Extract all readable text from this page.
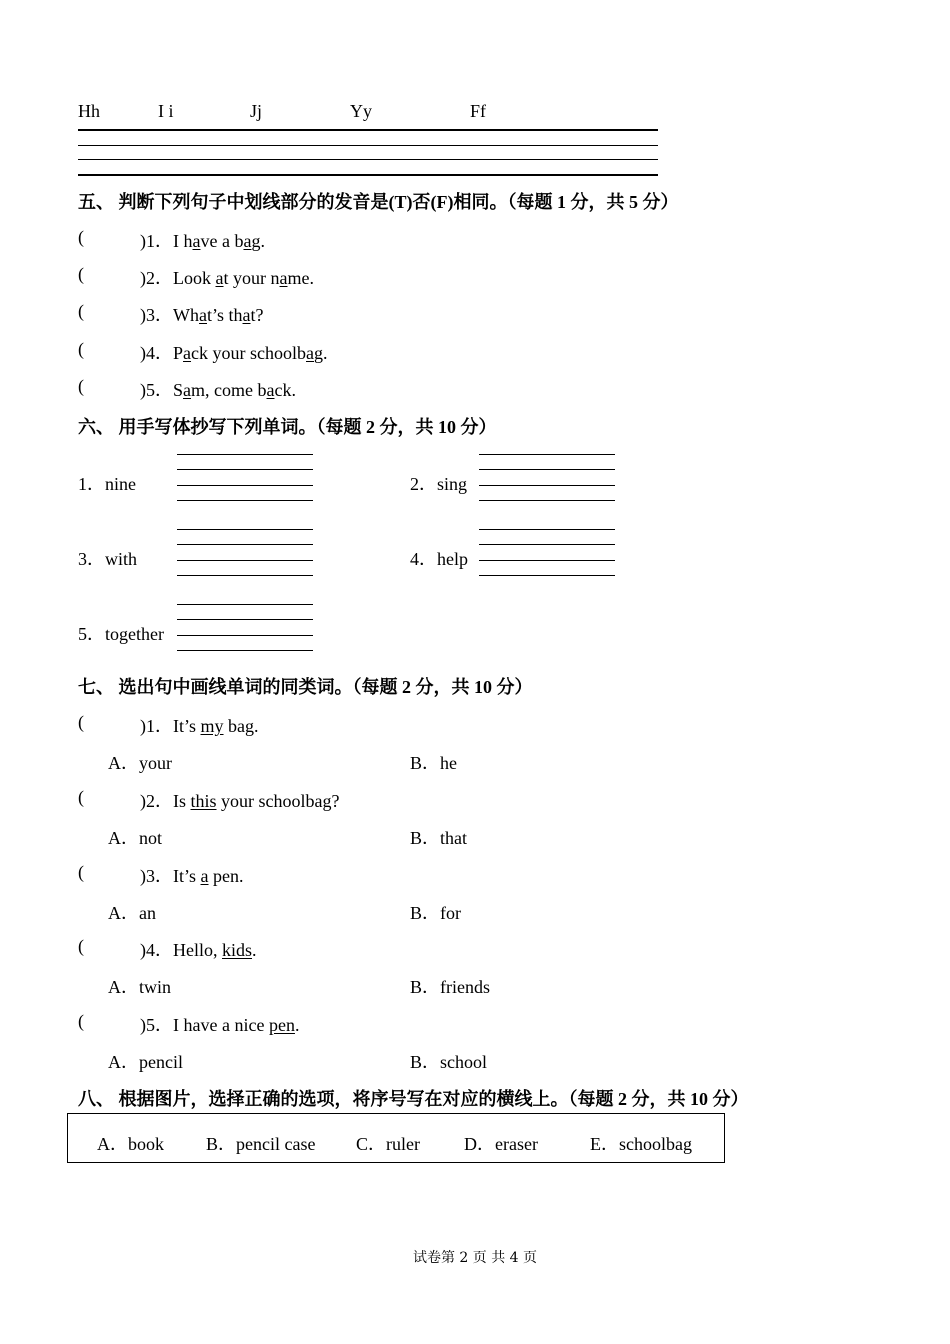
Hh	I i	Jj	Yy	Ff
五、 判断下列句子中划线部分的发音是(T)否(F)相同。（每题 1 分，共 5 分）
(	)1．I have a bag.
(	)2．Look at your name.
(	)3．What’s that?
(	)4．Pack your schoolbag.
(	)5．Sam, come back.
六、 用手写体抄写下列单词。（每题 2 分，共 10 分）
1．nine	2．sing
3．with	4．help
5．together
七、 选出句中画线单词的同类词。（每题 2 分，共 10 分）
(	)1．It’s my bag.
A．your	B．he
(	)2．Is this your schoolbag?
A．not	B．that
(	)3．It’s a pen.
A．an	B．for
(	)4．Hello, kids.
A．twin	B．friends
(	)5．I have a nice pen.
A．pencil	B．school
八、 根据图片，选择正确的选项，将序号写在对应的横线上。（每题 2 分，共 10 分）
A．book B．pencil case C．ruler D．eraser	E．schoolbag
试卷第 2 页 共 4 页
